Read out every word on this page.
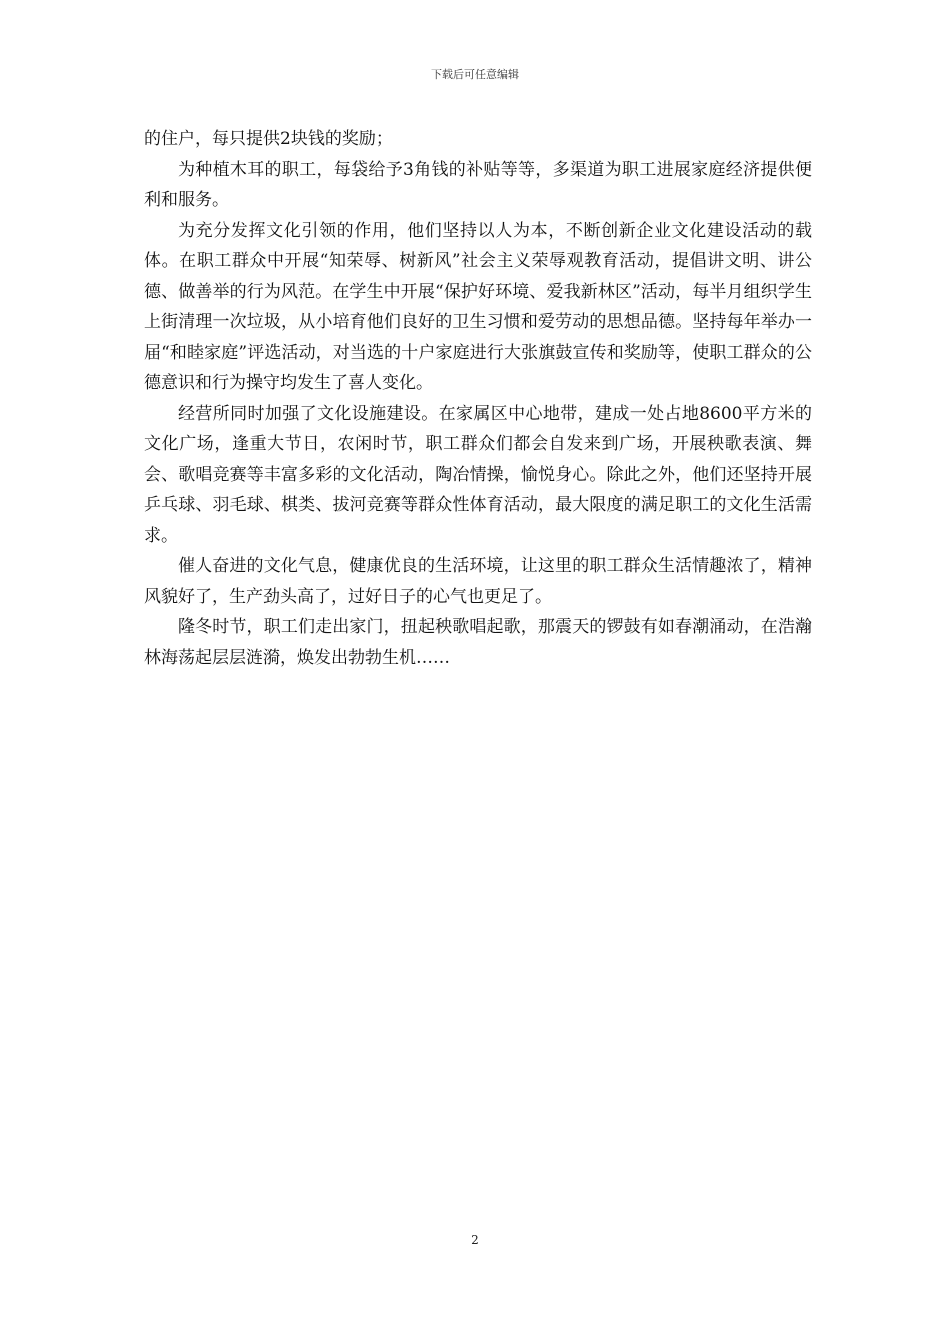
下载后可任意编辑

的住户，每只提供2块钱的奖励；

为种植木耳的职工，每袋给予3角钱的补贴等等，多渠道为职工进展家庭经济提供便利和服务。

为充分发挥文化引领的作用，他们坚持以人为本，不断创新企业文化建设活动的载体。在职工群众中开展“知荣辱、树新风”社会主义荣辱观教育活动，提倡讲文明、讲公德、做善举的行为风范。在学生中开展“保护好环境、爱我新林区”活动，每半月组织学生上街清理一次垃圾，从小培育他们良好的卫生习惯和爱劳动的思想品德。坚持每年举办一届“和睦家庭”评选活动，对当选的十户家庭进行大张旗鼓宣传和奖励等，使职工群众的公德意识和行为操守均发生了喜人变化。

经营所同时加强了文化设施建设。在家属区中心地带，建成一处占地8600平方米的文化广场，逢重大节日，农闲时节，职工群众们都会自发来到广场，开展秧歌表演、舞会、歌唱竞赛等丰富多彩的文化活动，陶冶情操，愉悦身心。除此之外，他们还坚持开展乒乓球、羽毛球、棋类、拔河竞赛等群众性体育活动，最大限度的满足职工的文化生活需求。

催人奋进的文化气息，健康优良的生活环境，让这里的职工群众生活情趣浓了，精神风貌好了，生产劲头高了，过好日子的心气也更足了。

隆冬时节，职工们走出家门，扭起秧歌唱起歌，那震天的锣鼓有如春潮涌动，在浩瀚林海荡起层层涟漪，焕发出勃勃生机……

2
